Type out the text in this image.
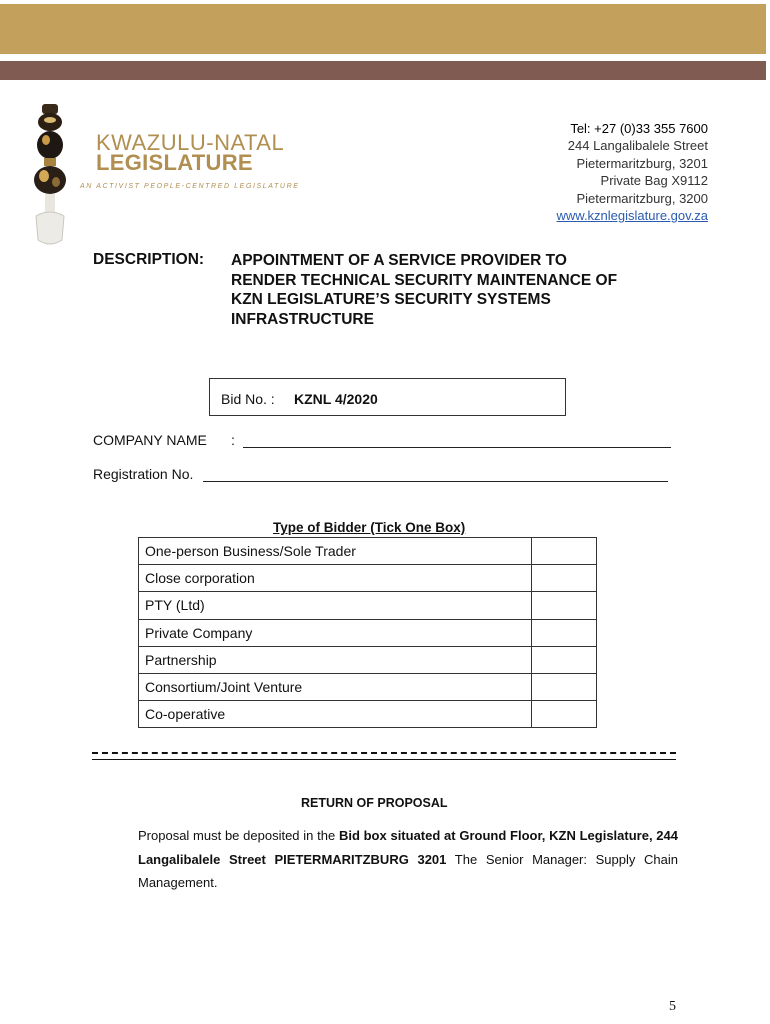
KWAZULU-NATAL
LEGISLATURE
AN ACTIVIST PEOPLE-CENTRED LEGISLATURE
Tel: +27 (0)33 355 7600
244 Langalibalele Street
Pietermaritzburg, 3201
Private Bag X9112
Pietermaritzburg, 3200
www.kznlegislature.gov.za
DESCRIPTION: APPOINTMENT OF A SERVICE PROVIDER TO
RENDER TECHNICAL SECURITY MAINTENANCE OF
KZN LEGISLATURE’S SECURITY SYSTEMS
INFRASTRUCTURE
Bid No. : KZNL 4/2020
COMPANY NAME :
Registration No.
Type of Bidder (Tick One Box)
One-person Business/Sole Trader	
Close corporation	
PTY (Ltd)	
Private Company	
Partnership	
Consortium/Joint Venture	
Co-operative	
RETURN OF PROPOSAL
Proposal must be deposited in the Bid box situated at Ground Floor, KZN Legislature, 244 Langalibalele Street PIETERMARITZBURG 3201 The Senior Manager: Supply Chain Management.
5
